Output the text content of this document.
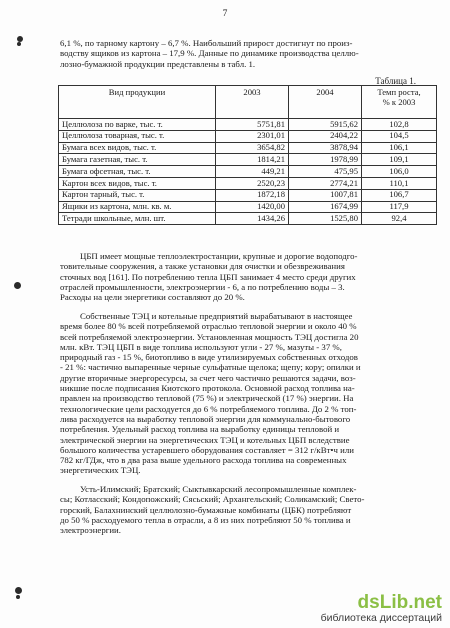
7
6,1 %, по тарному картону – 6,7 %. Наибольший прирост достигнут по произ-
водству ящиков из картона – 17,9 %. Данные по динамике производства целлю-
лозно-бумажной продукции представлены в табл. 1.
Таблица 1.
Вид продукции	2003	2004	Темп роста,
% к 2003

Целлюлоза по варке, тыс. т.	5751,81	5915,62	102,8
Целлюлоза товарная, тыс. т.	2301,01	2404,22	104,5
Бумага всех видов, тыс. т.	3654,82	3878,94	106,1
Бумага газетная, тыс. т.	1814,21	1978,99	109,1
Бумага офсетная, тыс. т.	449,21	475,95	106,0
Картон всех видов, тыс. т.	2520,23	2774,21	110,1
Картон тарный, тыс. т.	1872,18	1007,81	106,7
Ящики из картона, млн. кв. м.	1420,00	1674,99	117,9
Тетради школьные, млн. шт.	1434,26	1525,80	92,4
ЦБП имеет мощные теплоэлектростанции, крупные и дорогие водоподго-
товительные сооружения, а также установки для очистки и обезвреживания
сточных вод [161]. По потреблению тепла ЦБП занимает 4 место среди других
отраслей промышленности, электроэнергии - 6, а по потреблению воды – 3.
Расходы на цели энергетики составляют до 20 %.
Собственные ТЭЦ и котельные предприятий вырабатывают в настоящее
время более 80 % всей потребляемой отраслью тепловой энергии и около 40 %
всей потребляемой электроэнергии. Установленная мощность ТЭЦ достигла 20
млн. кВт. ТЭЦ ЦБП в виде топлива используют угли - 27 %, мазуты - 37 %,
природный газ - 15 %, биотопливо в виде утилизируемых собственных отходов
- 21 %: частично выпаренные черные сульфатные щелока; щепу; кору; опилки и
другие вторичные энергоресурсы, за счет чего частично решаются задачи, воз-
никшие после подписания Киотского протокола. Основной расход топлива на-
правлен на производство тепловой (75 %) и электрической (17 %) энергии. На
технологические цели расходуется до 6 % потребляемого топлива. До 2 % топ-
лива расходуется на выработку тепловой энергии для коммунально-бытового
потребления. Удельный расход топлива на выработку единицы тепловой и
электрической энергии на энергетических ТЭЦ и котельных ЦБП вследствие
большого количества устаревшего оборудования составляет = 312 г/кВт•ч или
782 кг/ГДж, что в два раза выше удельного расхода топлива на современных
энергетических ТЭЦ.
Усть-Илимский; Братский; Сыктывкарский лесопромышленные комплек-
сы; Котласский; Кондопожский; Сясьский; Архангельский; Соликамский; Свето-
горский, Балахнинский целлюлозно-бумажные комбинаты (ЦБК) потребляют
до 50 % расходуемого тепла в отрасли, а 8 из них потребляют 50 % топлива и
электроэнергии.
dsLib.net
библиотека диссертаций
